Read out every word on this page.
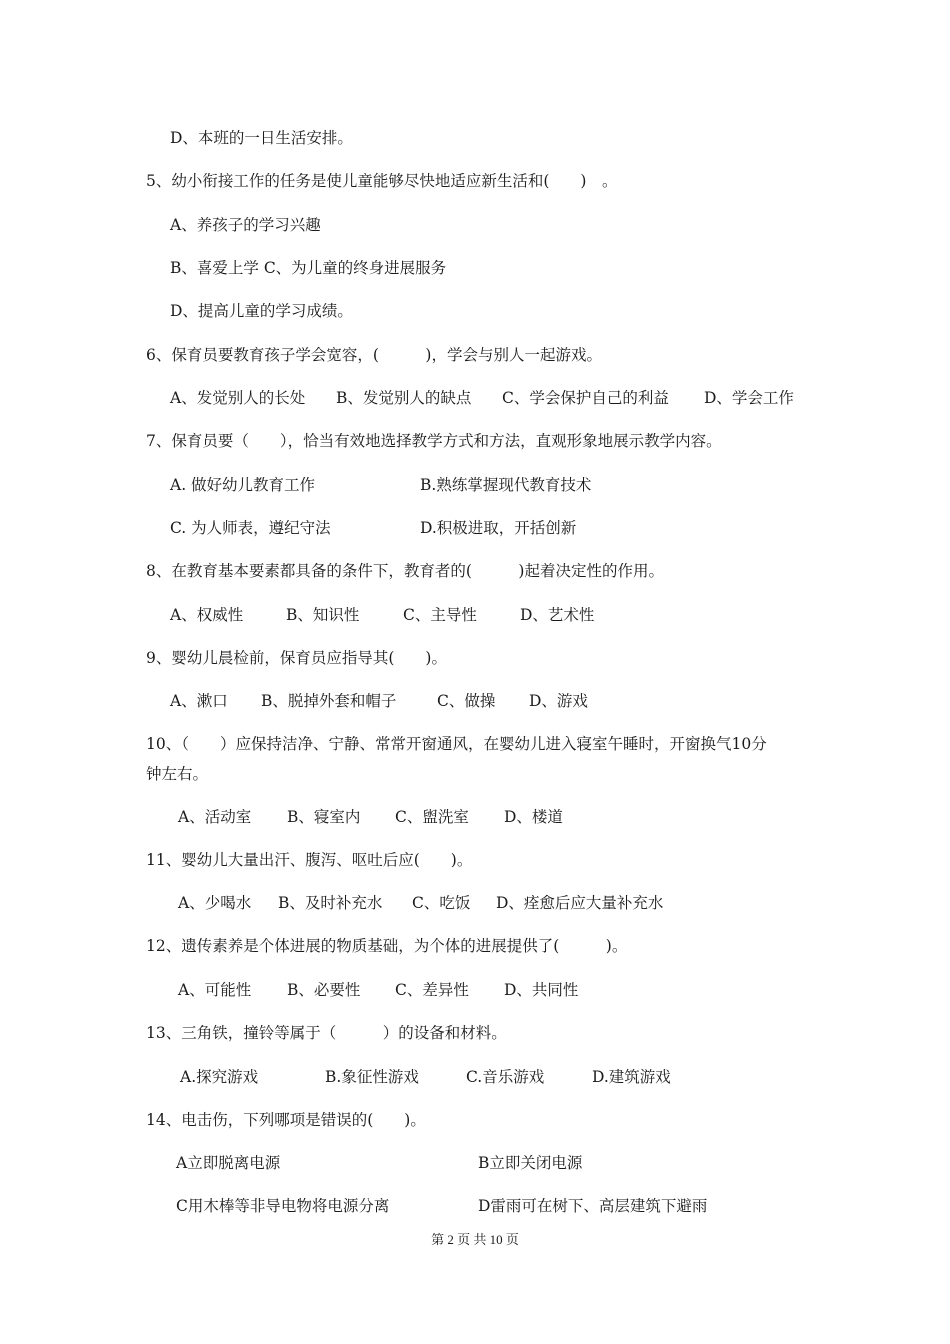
D、本班的一日生活安排。
5、幼小衔接工作的任务是使儿童能够尽快地适应新生活和(　　)　。
A、养孩子的学习兴趣
B、喜爱上学 C、为儿童的终身进展服务
D、提高儿童的学习成绩。
6、保育员要教育孩子学会宽容，(　　　)，学会与别人一起游戏。
A、发觉别人的长处 B、发觉别人的缺点 C、学会保护自己的利益 D、学会工作
7、保育员要（　　），恰当有效地选择教学方式和方法，直观形象地展示教学内容。
A. 做好幼儿教育工作	B.熟练掌握现代教育技术
C. 为人师表，遵纪守法	D.积极进取，开括创新
8、在教育基本要素都具备的条件下，教育者的(　　　)起着决定性的作用。
A、权威性	B、知识性	C、主导性	D、艺术性
9、婴幼儿晨检前，保育员应指导其(　　)。
A、漱口 B、脱掉外套和帽子	C、做操 D、游戏
10、（　　）应保持洁净、宁静、常常开窗通风，在婴幼儿进入寝室午睡时，开窗换气10分
钟左右。
A、活动室 B、寝室内 C、盥洗室 D、楼道
11、婴幼儿大量出汗、腹泻、呕吐后应(　　)。
A、少喝水 B、及时补充水 C、吃饭 D、痊愈后应大量补充水
12、遗传素养是个体进展的物质基础，为个体的进展提供了(　　　)。
A、可能性 B、必要性 C、差异性 D、共同性
13、三角铁，撞铃等属于（　　　）的设备和材料。
A.探究游戏	B.象征性游戏	C.音乐游戏	D.建筑游戏
14、电击伤，下列哪项是错误的(　　)。
A立即脱离电源	B立即关闭电源
C用木棒等非导电物将电源分离	D雷雨可在树下、高层建筑下避雨
第 2 页 共 10 页
